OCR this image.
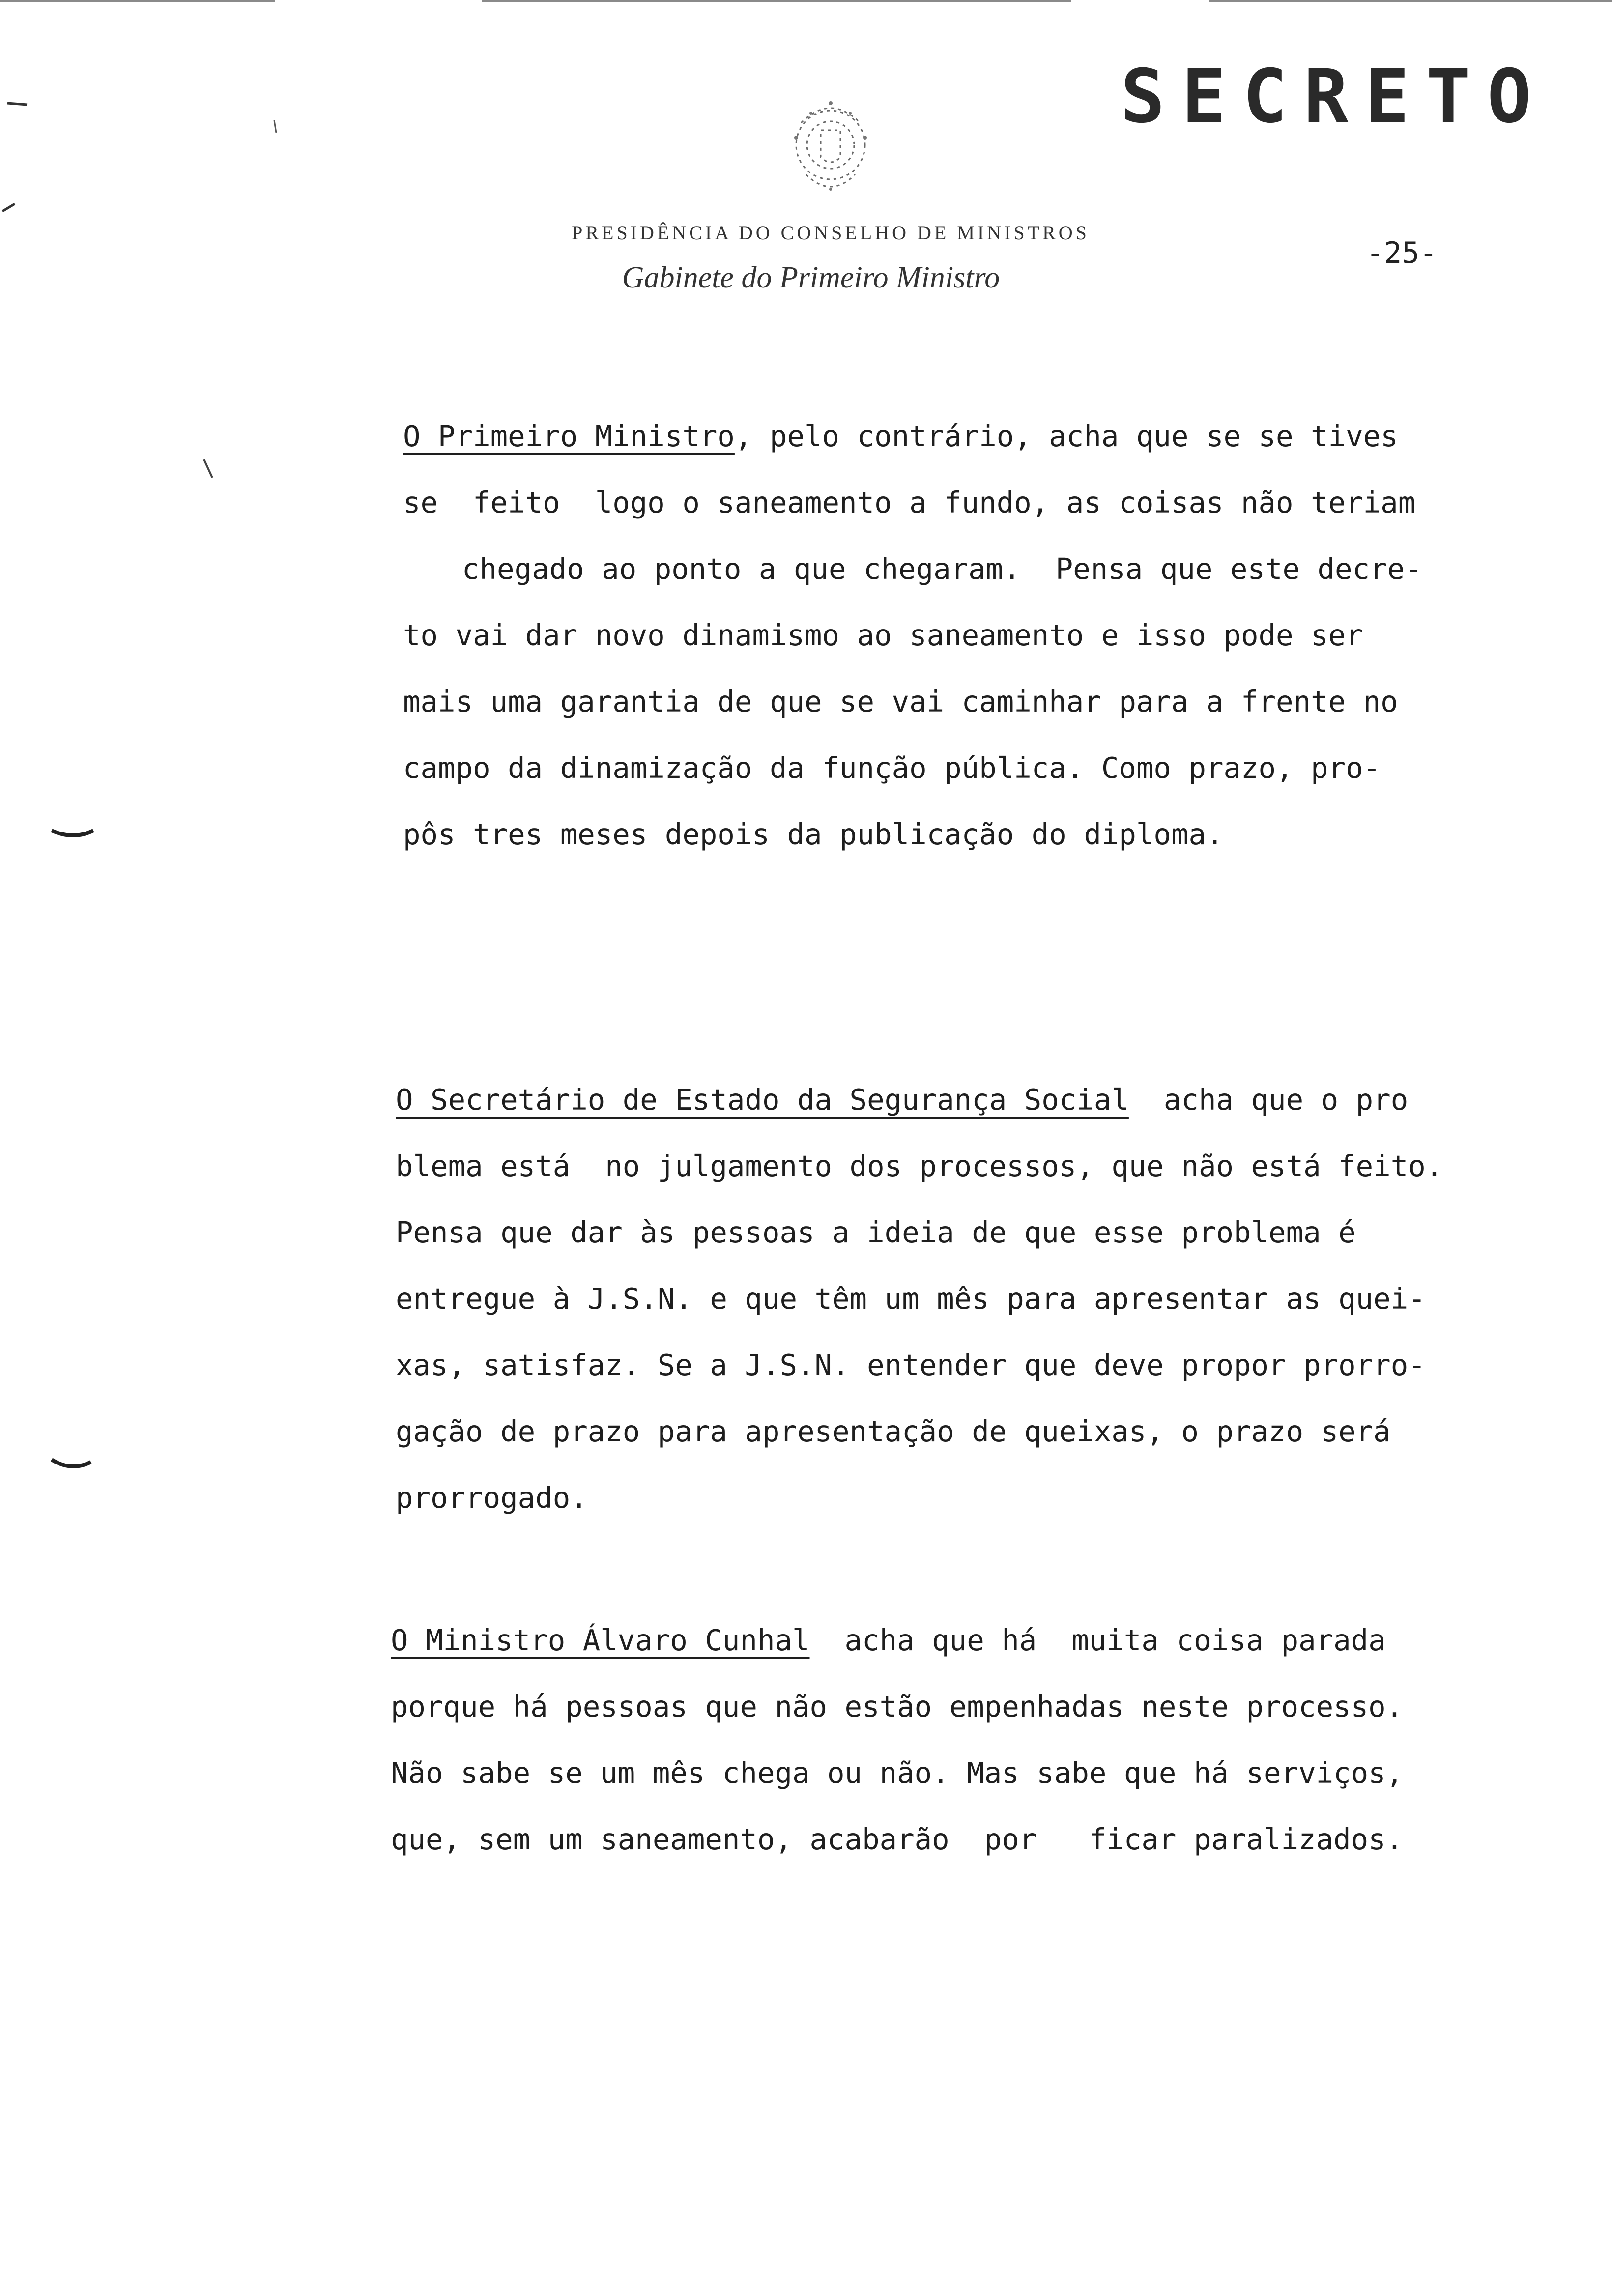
SECRETO
-25-
PRESIDÊNCIA DO CONSELHO DE MINISTROS
Gabinete do Primeiro Ministro
O Primeiro Ministro, pelo contrário, acha que se se tives
se  feito  logo o saneamento a fundo, as coisas não teriam
chegado ao ponto a que chegaram.  Pensa que este decre-
to vai dar novo dinamismo ao saneamento e isso pode ser
mais uma garantia de que se vai caminhar para a frente no
campo da dinamização da função pública. Como prazo, pro-
pôs tres meses depois da publicação do diploma.
O Secretário de Estado da Segurança Social  acha que o pro
blema está  no julgamento dos processos, que não está feito.
Pensa que dar às pessoas a ideia de que esse problema é
entregue à J.S.N. e que têm um mês para apresentar as quei-
xas, satisfaz. Se a J.S.N. entender que deve propor prorro-
gação de prazo para apresentação de queixas, o prazo será
prorrogado.
O Ministro Álvaro Cunhal  acha que há  muita coisa parada
porque há pessoas que não estão empenhadas neste processo.
Não sabe se um mês chega ou não. Mas sabe que há serviços,
que, sem um saneamento, acabarão  por   ficar paralizados.
